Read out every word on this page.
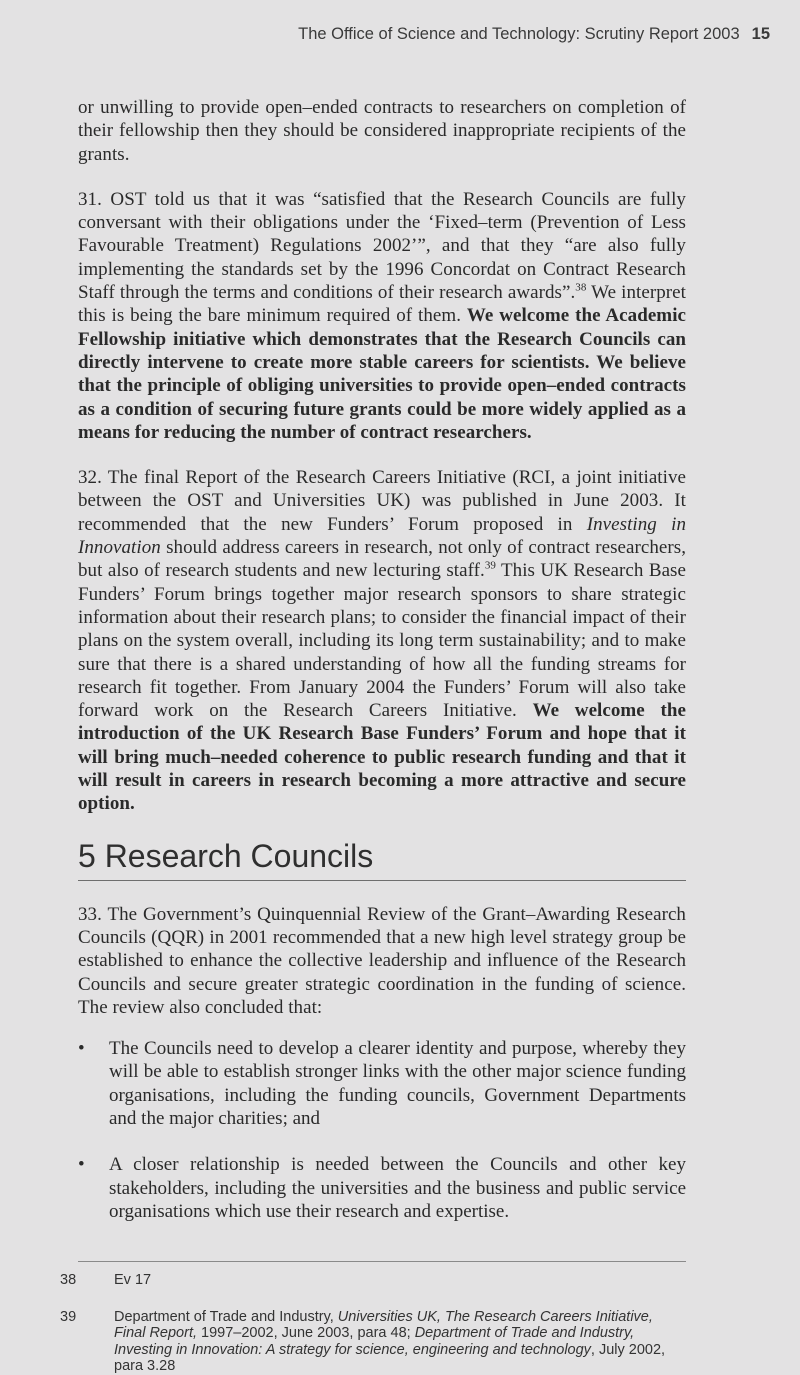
The Office of Science and Technology: Scrutiny Report 2003 15

or unwilling to provide open–ended contracts to researchers on completion of their fellowship then they should be considered inappropriate recipients of the grants.

31. OST told us that it was “satisfied that the Research Councils are fully conversant with their obligations under the ‘Fixed–term (Prevention of Less Favourable Treatment) Regulations 2002’”, and that they “are also fully implementing the standards set by the 1996 Concordat on Contract Research Staff through the terms and conditions of their research awards”.$^{38}$ We interpret this is being the bare minimum required of them. We welcome the Academic Fellowship initiative which demonstrates that the Research Councils can directly intervene to create more stable careers for scientists. We believe that the principle of obliging universities to provide open–ended contracts as a condition of securing future grants could be more widely applied as a means for reducing the number of contract researchers.

32. The final Report of the Research Careers Initiative (RCI, a joint initiative between the OST and Universities UK) was published in June 2003. It recommended that the new Funders’ Forum proposed in Investing in Innovation should address careers in research, not only of contract researchers, but also of research students and new lecturing staff.$^{39}$ This UK Research Base Funders’ Forum brings together major research sponsors to share strategic information about their research plans; to consider the financial impact of their plans on the system overall, including its long term sustainability; and to make sure that there is a shared understanding of how all the funding streams for research fit together. From January 2004 the Funders’ Forum will also take forward work on the Research Careers Initiative. We welcome the introduction of the UK Research Base Funders’ Forum and hope that it will bring much–needed coherence to public research funding and that it will result in careers in research becoming a more attractive and secure option.

5 Research Councils

33. The Government’s Quinquennial Review of the Grant–Awarding Research Councils (QQR) in 2001 recommended that a new high level strategy group be established to enhance the collective leadership and influence of the Research Councils and secure greater strategic coordination in the funding of science. The review also concluded that:

• The Councils need to develop a clearer identity and purpose, whereby they will be able to establish stronger links with the other major science funding organisations, including the funding councils, Government Departments and the major charities; and
• A closer relationship is needed between the Councils and other key stakeholders, including the universities and the business and public service organisations which use their research and expertise.
38	Ev 17
39	Department of Trade and Industry, Universities UK, The Research Careers Initiative, Final Report, 1997–2002, June 2003, para 48; Department of Trade and Industry, Investing in Innovation: A strategy for science, engineering and technology, July 2002, para 3.28
